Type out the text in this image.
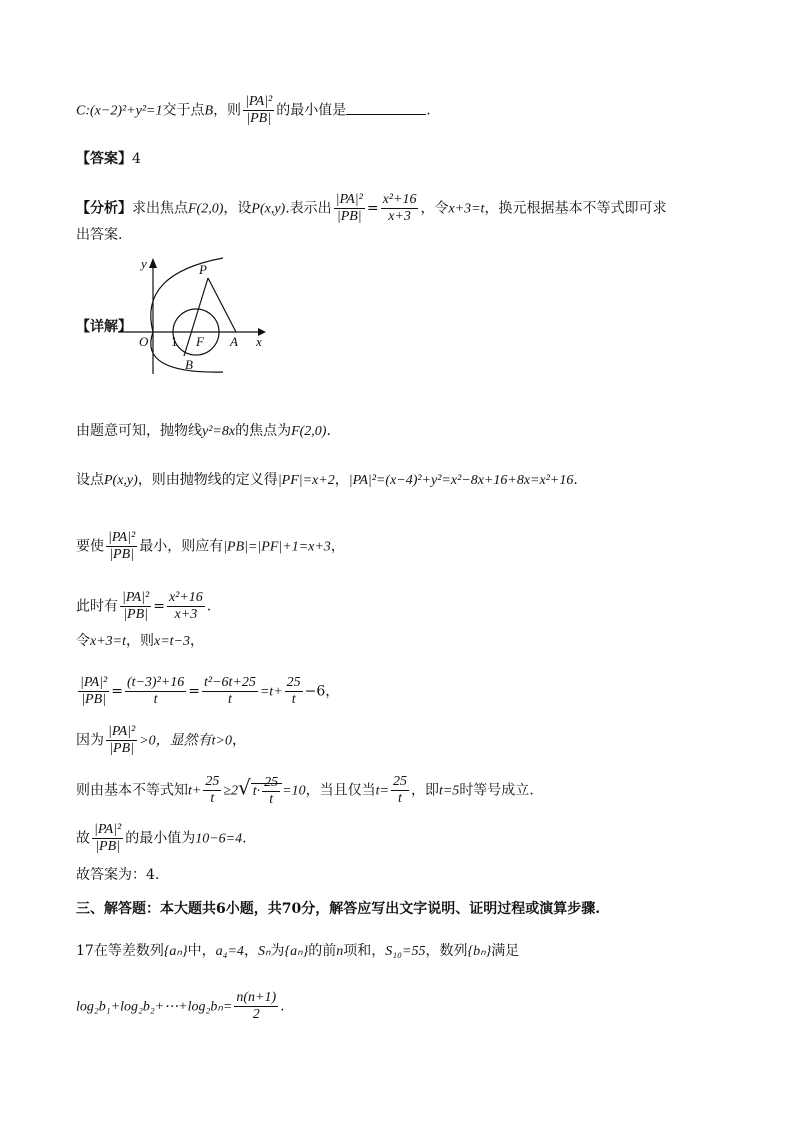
C:(x−2)²+y²=1交于点B，则 $\frac{\text{|PA|²}}{|PB|}$ 的最小值是	.
【答案】4
【分析】求出焦点F(2,0)，设P(x,y).表示出 $\frac{\text{|PA|²}}{|PB|} = \frac{\text{x²+16}}{x+3}$ ，令x+3=t，换元根据基本不等式即可求
出答案.
【详解】
y
x
O 1 F A
P
B
由题意可知，抛物线y²=8x的焦点为F(2,0).
设点P(x,y)，则由抛物线的定义得|PF|=x+2，|PA|²=(x−4)²+y²=x²−8x+16+8x=x²+16.
要使 $\frac{\text{|PA|²}}{|PB|}$ 最小，则应有|PB|=|PF|+1=x+3，
此时有 $\frac{\text{|PA|²}}{|PB|} = \frac{\text{x²+16}}{x+3}$ .
令x+3=t，则x=t−3，
$\frac{\text{|PA|²}}{|PB|} = \frac{\text{(t−3)²+16}}{t} = \frac{\text{t²−6t+25}}{t} =t+ \frac{25}{t} -6$，
因为 $\frac{\text{|PA|²}}{|PB|} >0$，显然有t>0，
则由基本不等式知$t+ \frac{25}{t} \ge 2√$ $t\cdot \frac{25}{t} =10$，当且仅当$t= \frac{25}{t}$ ，即t=5时等号成立.
故 $\frac{\text{|PA|²}}{|PB|}$ 的最小值为10−6=4.
故答案为：4.
三、解答题：本大题共6小题，共70分，解答应写出文字说明、证明过程或演算步骤.
17在等差数列{aₙ}中，a₄=4，Sₙ为{aₙ}的前n项和，S₁₀=55，数列{bₙ}满足
log₂b₁+log₂b₂+⋯+log₂bₙ= $\frac{n(n+1)}{2}$ .
